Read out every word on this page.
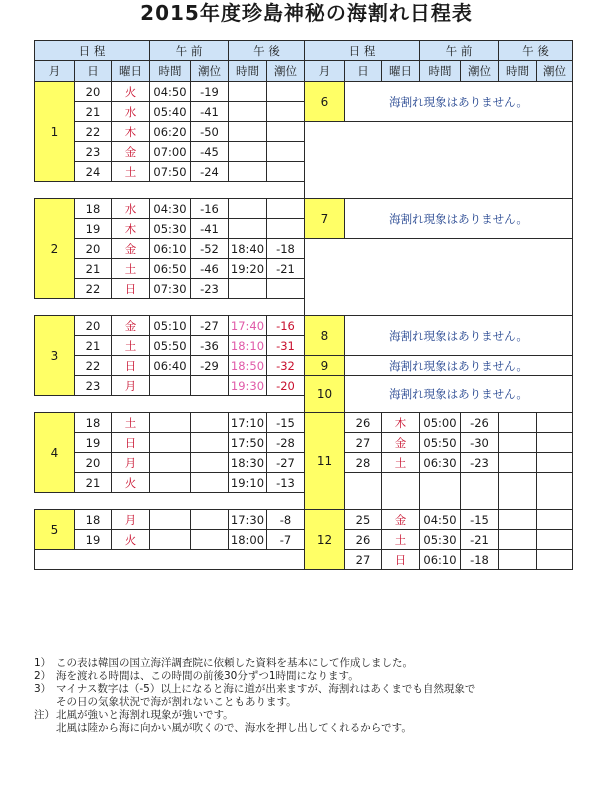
2015年度珍島神秘の海割れ日程表
日 程			午 前		午 後		日 程			午 前		午 後	
月	日	曜日	時間	潮位	時間	潮位	月	日	曜日	時間	潮位	時間	潮位
1	20	火	04:50	-19			6	海割れ現象はありません。					
	21	水	05:40	-41									
	22	木	06:20	-50									
	23	金	07:00	-45									
	24	土	07:50	-24									

2	18	水	04:30	-16			7	海割れ現象はありません。					
	19	木	05:30	-41									
	20	金	06:10	-52	18:40	-18							
	21	土	06:50	-46	19:20	-21							
	22	日	07:30	-23									

3	20	金	05:10	-27	17:40	-16	8	海割れ現象はありません。					
	21	土	05:50	-36	18:10	-31							
	22	日	06:40	-29	18:50	-32	9	海割れ現象はありません。					
	23	月			19:30	-20	10	海割れ現象はありません。					

4	18	土			17:10	-15	11	26	木	05:00	-26		
	19	日			17:50	-28		27	金	05:50	-30		
	20	月			18:30	-27		28	土	06:30	-23		
	21	火			19:10	-13							

5	18	月			17:30	-8	12	25	金	04:50	-15		
	19	火			18:00	-7		26	土	05:30	-21		
								27	日	06:10	-18		
1） この表は韓国の国立海洋調査院に依頼した資料を基本にして作成しました。
2） 海を渡れる時間は、この時間の前後30分ずつ1時間になります。
3） マイナス数字は（-5）以上になると海に道が出来ますが、海割れはあくまでも自然現象で
その日の気象状況で海が割れないこともあります。
注） 北風が強いと海割れ現象が強いです。
北風は陸から海に向かい風が吹くので、海水を押し出してくれるからです。
